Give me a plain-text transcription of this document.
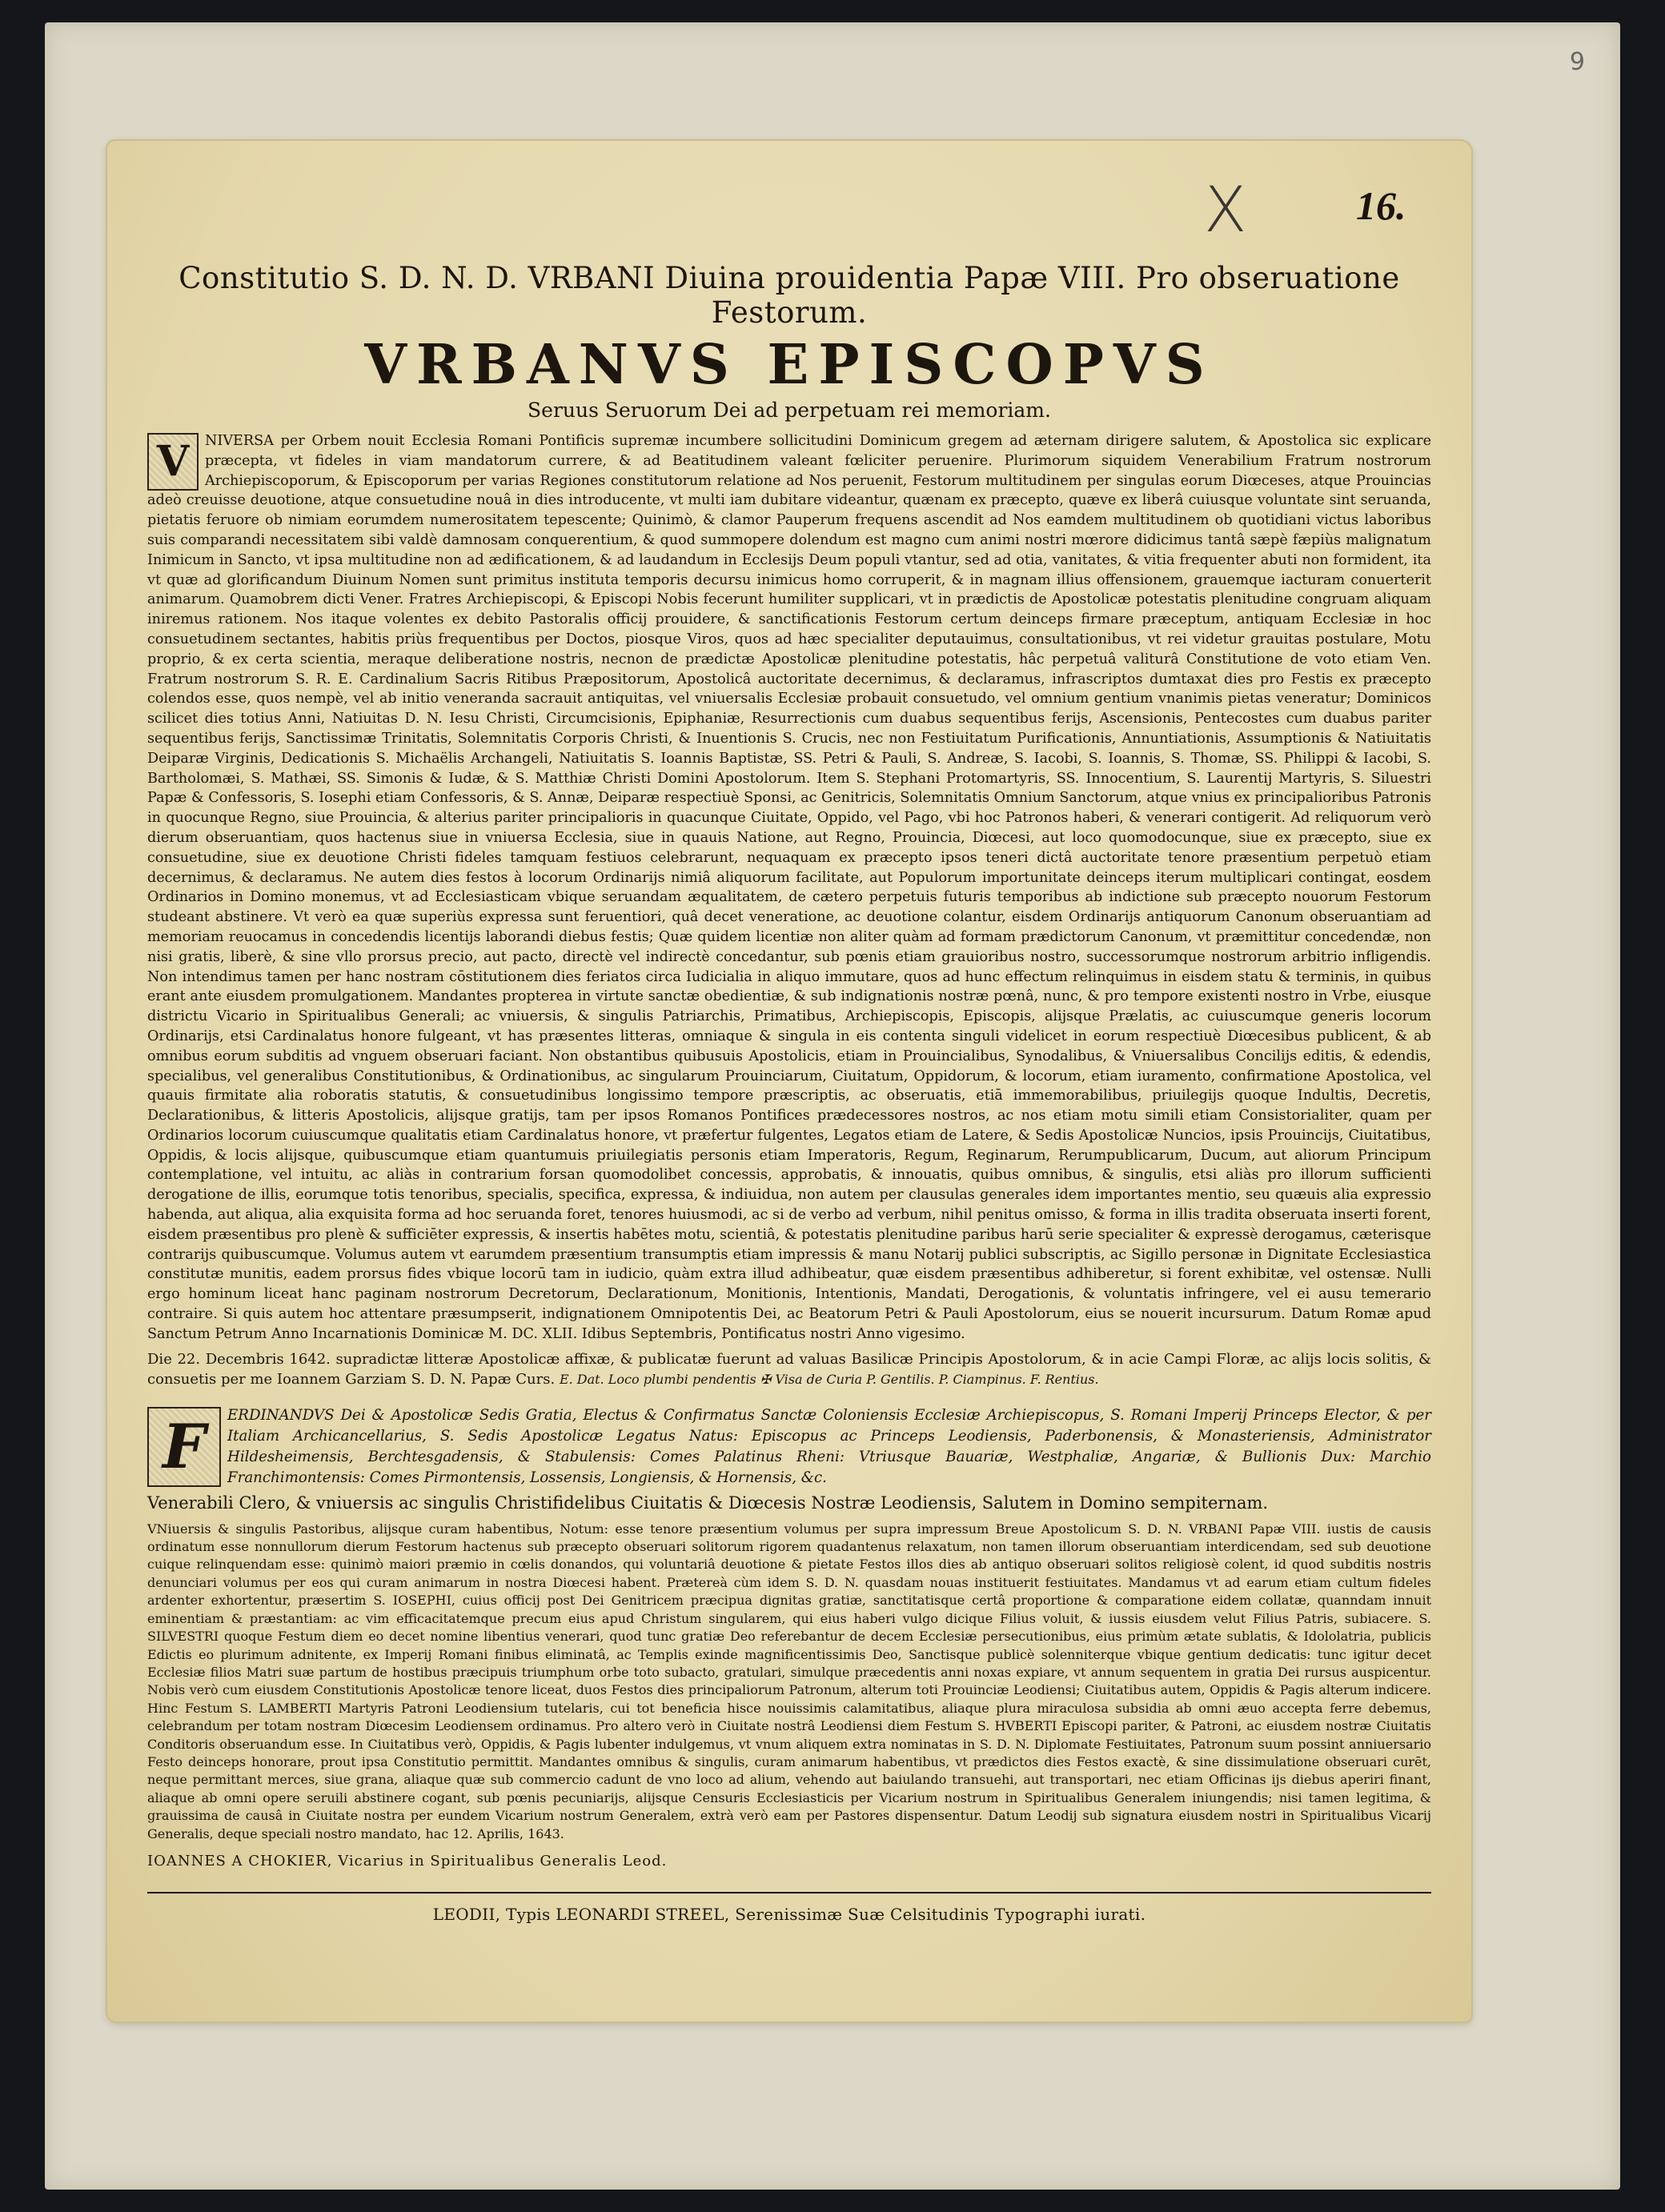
9
X	16.

Constitutio S. D. N. D. VRBANI Diuina prouidentia Papæ VIII. Pro obseruatione Festorum.

VRBANVS EPISCOPVS

Seruus Seruorum Dei ad perpetuam rei memoriam.

V	NIVERSA per Orbem nouit Ecclesia Romani Pontificis supremæ incumbere sollicitudini Dominicum gregem ad æternam dirigere salutem, & Apostolica sic explicare præcepta, vt fideles in viam mandatorum currere, & ad Beatitudinem valeant fœliciter peruenire. Plurimorum siquidem Venerabilium Fratrum nostrorum Archiepiscoporum, & Episcoporum per varias Regiones constitutorum relatione ad Nos peruenit, Festorum multitudinem per singulas eorum Diœceses, atque Prouincias adeò creuisse deuotione, atque consuetudine nouâ in dies introducente, vt multi iam dubitare videantur, quænam ex præcepto, quæve ex liberâ cuiusque voluntate sint seruanda, pietatis feruore ob nimiam eorumdem numerositatem tepescente; Quinimò, & clamor Pauperum frequens ascendit ad Nos eamdem multitudinem ob quotidiani victus laboribus suis comparandi necessitatem sibi valdè damnosam conquerentium, & quod summopere dolendum est magno cum animi nostri mœrore didicimus tantâ sæpè fæpiùs malignatum Inimicum in Sancto, vt ipsa multitudine non ad ædificationem, & ad laudandum in Ecclesijs Deum populi vtantur, sed ad otia, vanitates, & vitia frequenter abuti non formident, ita vt quæ ad glorificandum Diuinum Nomen sunt primitus instituta temporis decursu inimicus homo corruperit, & in magnam illius offensionem, grauemque iacturam conuerterit animarum. Quamobrem dicti Vener. Fratres Archiepiscopi, & Episcopi Nobis fecerunt humiliter supplicari, vt in prædictis de Apostolicæ potestatis plenitudine congruam aliquam iniremus rationem. Nos itaque volentes ex debito Pastoralis officij prouidere, & sanctificationis Festorum certum deinceps firmare præceptum, antiquam Ecclesiæ in hoc consuetudinem sectantes, habitis priùs frequentibus per Doctos, piosque Viros, quos ad hæc specialiter deputauimus, consultationibus, vt rei videtur grauitas postulare, Motu proprio, & ex certa scientia, meraque deliberatione nostris, necnon de prædictæ Apostolicæ plenitudine potestatis, hâc perpetuâ valiturâ Constitutione de voto etiam Ven. Fratrum nostrorum S. R. E. Cardinalium Sacris Ritibus Præpositorum, Apostolicâ auctoritate decernimus, & declaramus, infrascriptos dumtaxat dies pro Festis ex præcepto colendos esse, quos nempè, vel ab initio veneranda sacrauit antiquitas, vel vniuersalis Ecclesiæ probauit consuetudo, vel omnium gentium vnanimis pietas veneratur; Dominicos scilicet dies totius Anni, Natiuitas D. N. Iesu Christi, Circumcisionis, Epiphaniæ, Resurrectionis cum duabus sequentibus ferijs, Ascensionis, Pentecostes cum duabus pariter sequentibus ferijs, Sanctissimæ Trinitatis, Solemnitatis Corporis Christi, & Inuentionis S. Crucis, nec non Festiuitatum Purificationis, Annuntiationis, Assumptionis & Natiuitatis Deiparæ Virginis, Dedicationis S. Michaëlis Archangeli, Natiuitatis S. Ioannis Baptistæ, SS. Petri & Pauli, S. Andreæ, S. Iacobi, S. Ioannis, S. Thomæ, SS. Philippi & Iacobi, S. Bartholomæi, S. Mathæi, SS. Simonis & Iudæ, & S. Matthiæ Christi Domini Apostolorum. Item S. Stephani Protomartyris, SS. Innocentium, S. Laurentij Martyris, S. Siluestri Papæ & Confessoris, S. Iosephi etiam Confessoris, & S. Annæ, Deiparæ respectiuè Sponsi, ac Genitricis, Solemnitatis Omnium Sanctorum, atque vnius ex principalioribus Patronis in quocunque Regno, siue Prouincia, & alterius pariter principalioris in quacunque Ciuitate, Oppido, vel Pago, vbi hoc Patronos haberi, & venerari contigerit. Ad reliquorum verò dierum obseruantiam, quos hactenus siue in vniuersa Ecclesia, siue in quauis Natione, aut Regno, Prouincia, Diœcesi, aut loco quomodocunque, siue ex præcepto, siue ex consuetudine, siue ex deuotione Christi fideles tamquam festiuos celebrarunt, nequaquam ex præcepto ipsos teneri dictâ auctoritate tenore præsentium perpetuò etiam decernimus, & declaramus. Ne autem dies festos à locorum Ordinarijs nimiâ aliquorum facilitate, aut Populorum importunitate deinceps iterum multiplicari contingat, eosdem Ordinarios in Domino monemus, vt ad Ecclesiasticam vbique seruandam æqualitatem, de cætero perpetuis futuris temporibus ab indictione sub præcepto nouorum Festorum studeant abstinere. Vt verò ea quæ superiùs expressa sunt feruentiori, quâ decet veneratione, ac deuotione colantur, eisdem Ordinarijs antiquorum Canonum obseruantiam ad memoriam reuocamus in concedendis licentijs laborandi diebus festis; Quæ quidem licentiæ non aliter quàm ad formam prædictorum Canonum, vt præmittitur concedendæ, non nisi gratis, liberè, & sine vllo prorsus precio, aut pacto, directè vel indirectè concedantur, sub pœnis etiam grauioribus nostro, successorumque nostrorum arbitrio infligendis. Non intendimus tamen per hanc nostram cōstitutionem dies feriatos circa Iudicialia in aliquo immutare, quos ad hunc effectum relinquimus in eisdem statu & terminis, in quibus erant ante eiusdem promulgationem. Mandantes propterea in virtute sanctæ obedientiæ, & sub indignationis nostræ pœnâ, nunc, & pro tempore existenti nostro in Vrbe, eiusque districtu Vicario in Spiritualibus Generali; ac vniuersis, & singulis Patriarchis, Primatibus, Archiepiscopis, Episcopis, alijsque Prælatis, ac cuiuscumque generis locorum Ordinarijs, etsi Cardinalatus honore fulgeant, vt has præsentes litteras, omniaque & singula in eis contenta singuli videlicet in eorum respectiuè Diœcesibus publicent, & ab omnibus eorum subditis ad vnguem obseruari faciant. Non obstantibus quibusuis Apostolicis, etiam in Prouincialibus, Synodalibus, & Vniuersalibus Concilijs editis, & edendis, specialibus, vel generalibus Constitutionibus, & Ordinationibus, ac singularum Prouinciarum, Ciuitatum, Oppidorum, & locorum, etiam iuramento, confirmatione Apostolica, vel quauis firmitate alia roboratis statutis, & consuetudinibus longissimo tempore præscriptis, ac obseruatis, etiā immemorabilibus, priuilegijs quoque Indultis, Decretis, Declarationibus, & litteris Apostolicis, alijsque gratijs, tam per ipsos Romanos Pontifices prædecessores nostros, ac nos etiam motu simili etiam Consistorialiter, quam per Ordinarios locorum cuiuscumque qualitatis etiam Cardinalatus honore, vt præfertur fulgentes, Legatos etiam de Latere, & Sedis Apostolicæ Nuncios, ipsis Prouincijs, Ciuitatibus, Oppidis, & locis alijsque, quibuscumque etiam quantumuis priuilegiatis personis etiam Imperatoris, Regum, Reginarum, Rerumpublicarum, Ducum, aut aliorum Principum contemplatione, vel intuitu, ac aliàs in contrarium forsan quomodolibet concessis, approbatis, & innouatis, quibus omnibus, & singulis, etsi aliàs pro illorum sufficienti derogatione de illis, eorumque totis tenoribus, specialis, specifica, expressa, & indiuidua, non autem per clausulas generales idem importantes mentio, seu quæuis alia expressio habenda, aut aliqua, alia exquisita forma ad hoc seruanda foret, tenores huiusmodi, ac si de verbo ad verbum, nihil penitus omisso, & forma in illis tradita obseruata inserti forent, eisdem præsentibus pro plenè & sufficiēter expressis, & insertis habētes motu, scientiâ, & potestatis plenitudine paribus harū serie specialiter & expressè derogamus, cæterisque contrarijs quibuscumque. Volumus autem vt earumdem præsentium transumptis etiam impressis & manu Notarij publici subscriptis, ac Sigillo personæ in Dignitate Ecclesiastica constitutæ munitis, eadem prorsus fides vbique locorū tam in iudicio, quàm extra illud adhibeatur, quæ eisdem præsentibus adhiberetur, si forent exhibitæ, vel ostensæ. Nulli ergo hominum liceat hanc paginam nostrorum Decretorum, Declarationum, Monitionis, Intentionis, Mandati, Derogationis, & voluntatis infringere, vel ei ausu temerario contraire. Si quis autem hoc attentare præsumpserit, indignationem Omnipotentis Dei, ac Beatorum Petri & Pauli Apostolorum, eius se nouerit incursurum. Datum Romæ apud Sanctum Petrum Anno Incarnationis Dominicæ M. DC. XLII. Idibus Septembris, Pontificatus nostri Anno vigesimo.

Die 22. Decembris 1642. supradictæ litteræ Apostolicæ affixæ, & publicatæ fuerunt ad valuas Basilicæ Principis Apostolorum, & in acie Campi Floræ, ac alijs locis solitis, & consuetis per me Ioannem Garziam S. D. N. Papæ Curs. E. Dat. Loco plumbi pendentis ✠ Visa de Curia P. Gentilis. P. Ciampinus. F. Rentius.

F	ERDINANDVS Dei & Apostolicæ Sedis Gratia, Electus & Confirmatus Sanctæ Coloniensis Ecclesiæ Archiepiscopus, S. Romani Imperij Princeps Elector, & per Italiam Archicancellarius, S. Sedis Apostolicæ Legatus Natus: Episcopus ac Princeps Leodiensis, Paderbonensis, & Monasteriensis, Administrator Hildesheimensis, Berchtesgadensis, & Stabulensis: Comes Palatinus Rheni: Vtriusque Bauariæ, Westphaliæ, Angariæ, & Bullionis Dux: Marchio Franchimontensis: Comes Pirmontensis, Lossensis, Longiensis, & Hornensis, &c.

Venerabili Clero, & vniuersis ac singulis Christifidelibus Ciuitatis & Diœcesis Nostræ Leodiensis, Salutem in Domino sempiternam.

VNiuersis & singulis Pastoribus, alijsque curam habentibus, Notum: esse tenore præsentium volumus per supra impressum Breue Apostolicum S. D. N. VRBANI Papæ VIII. iustis de causis ordinatum esse nonnullorum dierum Festorum hactenus sub præcepto obseruari solitorum rigorem quadantenus relaxatum, non tamen illorum obseruantiam interdicendam, sed sub deuotione cuique relinquendam esse: quinimò maiori præmio in cœlis donandos, qui voluntariâ deuotione & pietate Festos illos dies ab antiquo obseruari solitos religiosè colent, id quod subditis nostris denunciari volumus per eos qui curam animarum in nostra Diœcesi habent. Prætereà cùm idem S. D. N. quasdam nouas instituerit festiuitates. Mandamus vt ad earum etiam cultum fideles ardenter exhortentur, præsertim S. IOSEPHI, cuius officij post Dei Genitricem præcipua dignitas gratiæ, sanctitatisque certâ proportione & comparatione eidem collatæ, quanndam innuit eminentiam & præstantiam: ac vim efficacitatemque precum eius apud Christum singularem, qui eius haberi vulgo dicique Filius voluit, & iussis eiusdem velut Filius Patris, subiacere. S. SILVESTRI quoque Festum diem eo decet nomine libentius venerari, quod tunc gratiæ Deo referebantur de decem Ecclesiæ persecutionibus, eius primùm ætate sublatis, & Idololatria, publicis Edictis eo plurimum adnitente, ex Imperij Romani finibus eliminatâ, ac Templis exinde magnificentissimis Deo, Sanctisque publicè solenniterque vbique gentium dedicatis: tunc igitur decet Ecclesiæ filios Matri suæ partum de hostibus præcipuis triumphum orbe toto subacto, gratulari, simulque præcedentis anni noxas expiare, vt annum sequentem in gratia Dei rursus auspicentur. Nobis verò cum eiusdem Constitutionis Apostolicæ tenore liceat, duos Festos dies principaliorum Patronum, alterum toti Prouinciæ Leodiensi; Ciuitatibus autem, Oppidis & Pagis alterum indicere. Hinc Festum S. LAMBERTI Martyris Patroni Leodiensium tutelaris, cui tot beneficia hisce nouissimis calamitatibus, aliaque plura miraculosa subsidia ab omni æuo accepta ferre debemus, celebrandum per totam nostram Diœcesim Leodiensem ordinamus. Pro altero verò in Ciuitate nostrâ Leodiensi diem Festum S. HVBERTI Episcopi pariter, & Patroni, ac eiusdem nostræ Ciuitatis Conditoris obseruandum esse. In Ciuitatibus verò, Oppidis, & Pagis lubenter indulgemus, vt vnum aliquem extra nominatas in S. D. N. Diplomate Festiuitates, Patronum suum possint anniuersario Festo deinceps honorare, prout ipsa Constitutio permittit. Mandantes omnibus & singulis, curam animarum habentibus, vt prædictos dies Festos exactè, & sine dissimulatione obseruari curēt, neque permittant merces, siue grana, aliaque quæ sub commercio cadunt de vno loco ad alium, vehendo aut baiulando transuehi, aut transportari, nec etiam Officinas ijs diebus aperiri finant, aliaque ab omni opere seruili abstinere cogant, sub pœnis pecuniarijs, alijsque Censuris Ecclesiasticis per Vicarium nostrum in Spiritualibus Generalem iniungendis; nisi tamen legitima, & grauissima de causâ in Ciuitate nostra per eundem Vicarium nostrum Generalem, extrà verò eam per Pastores dispensentur. Datum Leodij sub signatura eiusdem nostri in Spiritualibus Vicarij Generalis, deque speciali nostro mandato, hac 12. Aprilis, 1643.

IOANNES A CHOKIER, Vicarius in Spiritualibus Generalis Leod.

LEODII, Typis LEONARDI STREEL, Serenissimæ Suæ Celsitudinis Typographi iurati.
